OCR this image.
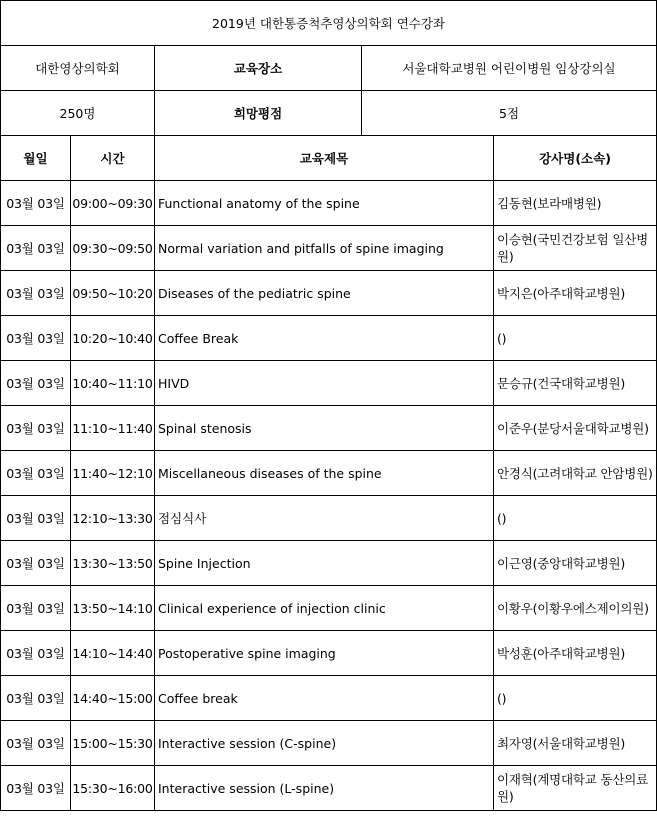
2019년 대한통증척추영상의학회 연수강좌				
대한영상의학회		교육장소	서울대학교병원 어린이병원 임상강의실	
250명		희망평점	5점	
월일	시간	교육제목		강사명(소속)
03월 03일	09:00~09:30	Functional anatomy of the spine		김동현(보라매병원)
03월 03일	09:30~09:50	Normal variation and pitfalls of spine imaging		이승현(국민건강보험 일산병원)
03월 03일	09:50~10:20	Diseases of the pediatric spine		박지은(아주대학교병원)
03월 03일	10:20~10:40	Coffee Break		()
03월 03일	10:40~11:10	HIVD		문승규(건국대학교병원)
03월 03일	11:10~11:40	Spinal stenosis		이준우(분당서울대학교병원)
03월 03일	11:40~12:10	Miscellaneous diseases of the spine		안경식(고려대학교 안암병원)
03월 03일	12:10~13:30	점심식사		()
03월 03일	13:30~13:50	Spine Injection		이근영(중앙대학교병원)
03월 03일	13:50~14:10	Clinical experience of injection clinic		이황우(이황우에스제이의원)
03월 03일	14:10~14:40	Postoperative spine imaging		박성훈(아주대학교병원)
03월 03일	14:40~15:00	Coffee break		()
03월 03일	15:00~15:30	Interactive session (C-spine)		최자영(서울대학교병원)
03월 03일	15:30~16:00	Interactive session (L-spine)		이재혁(계명대학교 동산의료원)
